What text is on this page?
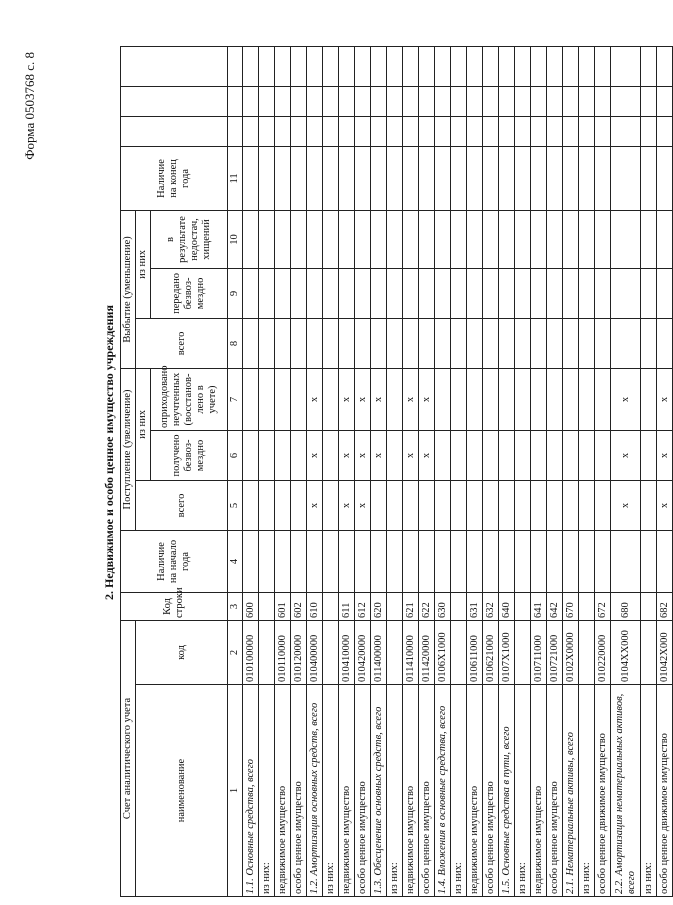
Форма 0503768 с. 8
2. Недвижимое и особо ценное имущество учреждения
Счет аналитического учета		Код
строки	Наличие
на начало
года	Поступление (увеличение)			Выбытие (уменьшение)			Наличие
на конец
года			
наименование	код			всего	из них		всего	из них					
					получено безвоз-мездно	оприходовано неучтенных (восстанов-лено в учете)		передано безвоз-мездно	в результате недостач, хищений				
1	2	3	4	5	6	7	8	9	10	11			
1.1. Основные средства, всего	010100000	600											
из них:													
недвижимое имущество	010110000	601											
особо ценное имущество	010120000	602											
1.2. Амортизация основных средств, всего	010400000	610		x	x	x							
из них:													
недвижимое имущество	010410000	611		x	x	x							
особо ценное имущество	010420000	612		x	x	x							
1.3. Обесценение основных средств, всего	011400000	620			x	x							
из них:													
недвижимое имущество	011410000	621			x	x							
особо ценное имущество	011420000	622			x	x							
1.4. Вложения в основные средства, всего	0106X1000	630											
из них:													
недвижимое имущество	010611000	631											
особо ценное имущество	010621000	632											
1.5. Основные средства в пути, всего	0107X1000	640											
из них:													
недвижимое имущество	010711000	641											
особо ценное имущество	010721000	642											
2.1. Нематериальные активы, всего	0102X0000	670											
из них:													
особо ценное движимое имущество	010220000	672											
2.2. Амортизация нематериальных активов, всего	0104XX000	680		x	x	x							
из них:													
особо ценное движимое имущество	01042X000	682		x	x	x							
